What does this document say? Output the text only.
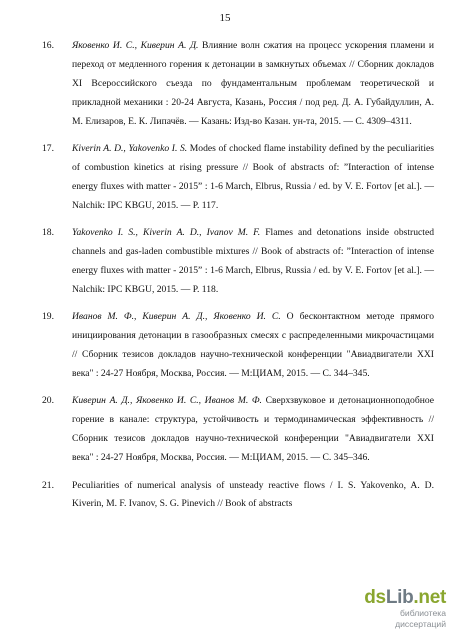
15
16. Яковенко И. С., Киверин А. Д. Влияние волн сжатия на процесс ускорения пламени и переход от медленного горения к детонации в замкнутых объемах // Сборник докладов XI Всероссийского съезда по фундаментальным проблемам теоретической и прикладной механики : 20-24 Августа, Казань, Россия / под ред. Д. А. Губайдуллин, А. М. Елизаров, Е. К. Липачёв. — Казань: Изд-во Казан. ун-та, 2015. — С. 4309–4311.
17. Kiverin A. D., Yakovenko I. S. Modes of chocked flame instability defined by the peculiarities of combustion kinetics at rising pressure // Book of abstracts of: ”Interaction of intense energy fluxes with matter - 2015” : 1-6 March, Elbrus, Russia / ed. by V. E. Fortov [et al.]. — Nalchik: IPC KBGU, 2015. — P. 117.
18. Yakovenko I. S., Kiverin A. D., Ivanov M. F. Flames and detonations inside obstructed channels and gas-laden combustible mixtures // Book of abstracts of: ”Interaction of intense energy fluxes with matter - 2015” : 1-6 March, Elbrus, Russia / ed. by V. E. Fortov [et al.]. — Nalchik: IPC KBGU, 2015. — P. 118.
19. Иванов М. Ф., Киверин А. Д., Яковенко И. С. О бесконтактном методе прямого инициирования детонации в газообразных смесях с распределенными микрочастицами // Сборник тезисов докладов научно-технической конференции "Авиадвигатели XXI века" : 24-27 Ноября, Москва, Россия. — М:ЦИАМ, 2015. — С. 344–345.
20. Киверин А. Д., Яковенко И. С., Иванов М. Ф. Сверхзвуковое и детонационноподобное горение в канале: структура, устойчивость и термодинамическая эффективность // Сборник тезисов докладов научно-технической конференции "Авиадвигатели XXI века" : 24-27 Ноября, Москва, Россия. — М:ЦИАМ, 2015. — С. 345–346.
21. Peculiarities of numerical analysis of unsteady reactive flows / I. S. Yakovenko, A. D. Kiverin, M. F. Ivanov, S. G. Pinevich // Book of abstracts
dsLib.net
библиотека диссертаций
